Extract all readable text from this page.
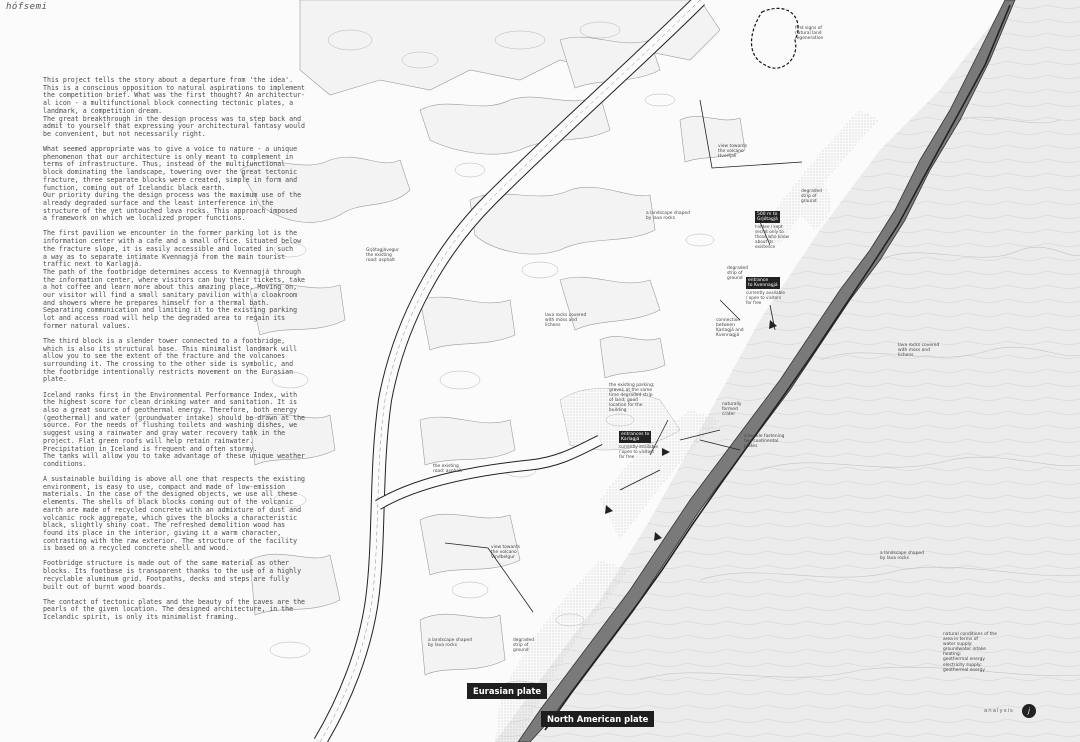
hófsemi

This project tells the story about a departure from 'the idea'.
This is a conscious opposition to natural aspirations to implement
the competition brief. What was the first thought? An architectur-
al icon - a multifunctional block connecting tectonic plates, a
landmark, a competition dream.
The great breakthrough in the design process was to step back and
admit to yourself that expressing your architectural fantasy would
be convenient, but not necessarily right.

What seemed appropriate was to give a voice to nature - a unique
phenomenon that our architecture is only meant to complement in
terms of infrastructure. Thus, instead of the multifunctional
block dominating the landscape, towering over the great tectonic
fracture, three separate blocks were created, simple in form and
function, coming out of Icelandic black earth.
Our priority during the design process was the maximum use of the
already degraded surface and the least interference in the
structure of the yet untouched lava rocks. This approach imposed
a framework on which we localized proper functions.

The first pavilion we encounter in the former parking lot is the
information center with a cafe and a small office. Situated below
the fracture slope, it is easily accessible and located in such
a way as to separate intimate Kvennagjá from the main tourist
traffic next to Karlagjá.
The path of the footbridge determines access to Kvennagjá through
the information center, where visitors can buy their tickets, take
a hot coffee and learn more about this amazing place. Moving on,
our visitor will find a small sanitary pavilion with a cloakroom
and showers where he prepares himself for a thermal bath.
Separating communication and limiting it to the existing parking
lot and access road will help the degraded area to regain its
former natural values.

The third block is a slender tower connected to a footbridge,
which is also its structural base. This minimalist landmark will
allow you to see the extent of the fracture and the volcanoes
surrounding it. The crossing to the other side is symbolic, and
the footbridge intentionally restricts movement on the Eurasian
plate.

Iceland ranks first in the Environmental Performance Index, with
the highest score for clean drinking water and sanitation. It is
also a great source of geothermal energy. Therefore, both energy
(geothermal) and water (groundwater intake) should be drawn at the
source. For the needs of flushing toilets and washing dishes, we
suggest using a rainwater and gray water recovery tank in the
project. Flat green roofs will help retain rainwater.
Precipitation in Iceland is frequent and often stormy.
The tanks will allow you to take advantage of these unique weather
conditions.

A sustainable building is above all one that respects the existing
environment, is easy to use, compact and made of low-emission
materials. In the case of the designed objects, we use all these
elements. The shells of black blocks coming out of the volcanic
earth are made of recycled concrete with an admixture of dust and
volcanic rock aggregate, which gives the blocks a characteristic
black, slightly shiny coat. The refreshed demolition wood has
found its place in the interior, giving it a warm character,
contrasting with the raw exterior. The structure of the facility
is based on a recycled concrete shell and wood.

Footbridge structure is made out of the same material as other
blocks. Its footbase is transparent thanks to the use of a highly
recyclable aluminum grid. Footpaths, decks and steps are fully
built out of burnt wood boards.

The contact of tectonic plates and the beauty of the caves are the
pearls of the given location. The designed architecture, in the
Icelandic spirit, is only its minimalist framing.

first signs of
natural land
regeneration
view towards
the volcano
Hverfjall
degraded
strip of
ground
a landscape shaped
by lava rocks
Grjótagjávegur
the existing
road: asphalt
degraded
strip of
ground
lava rocks covered
with moss and
lichens
connection
between
Karlagjá and
Kvennagjá
lava rocks covered
with moss and
lichens
the existing parking;
gravel; at the same
time degraded strip
of land; good
location for the
building
naturally
formed
crater
a buckle fastening
two continental
plates
the existing
road: asphalt
view towards
the volcano
Vindbelgur
a landscape shaped
by lava rocks
a landscape shaped
by lava rocks
degraded
strip of
ground
natural conditions of the
area in terms of
water supply:
groundwater intake
heating:
geothermal energy
electricity supply:
geothermal energy
500 m to
Grjótagjá
hidden / kept
secret only to
those who know
about its
existence
entrance
to Kvennagjá
currently available
/ open to visitors
for free
entrances to
Karlagjá
currently available
/ open to visitors
for free
Eurasian plate
North American plate
analysis	j
